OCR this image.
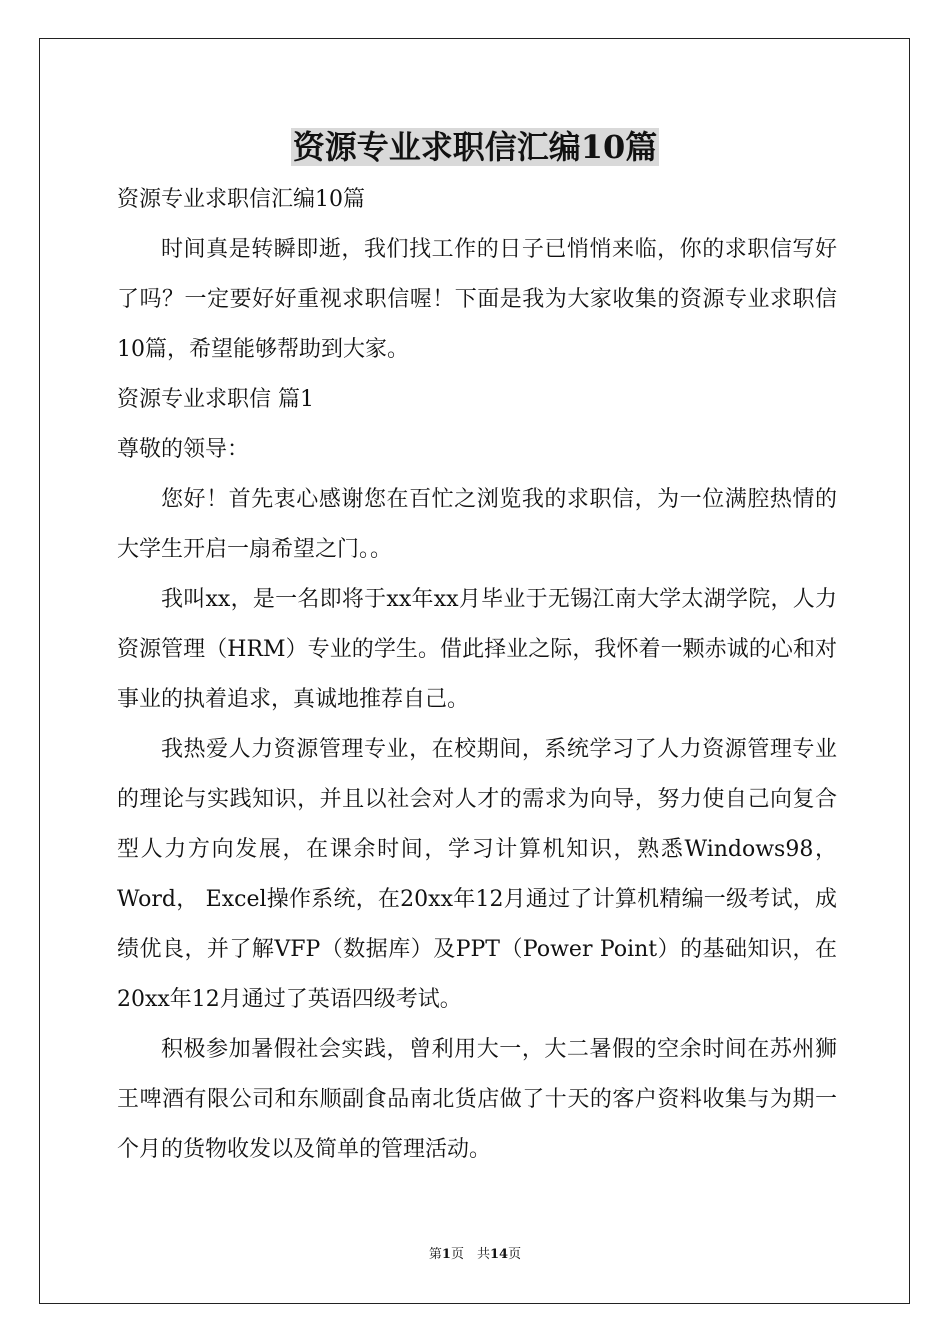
资源专业求职信汇编10篇

资源专业求职信汇编10篇

时间真是转瞬即逝，我们找工作的日子已悄悄来临，你的求职信写好了吗？一定要好好重视求职信喔！下面是我为大家收集的资源专业求职信10篇，希望能够帮助到大家。

资源专业求职信 篇1

尊敬的领导：

您好！首先衷心感谢您在百忙之浏览我的求职信，为一位满腔热情的大学生开启一扇希望之门。。

我叫xx，是一名即将于xx年xx月毕业于无锡江南大学太湖学院，人力资源管理（HRM）专业的学生。借此择业之际，我怀着一颗赤诚的心和对事业的执着追求，真诚地推荐自己。

我热爱人力资源管理专业，在校期间，系统学习了人力资源管理专业的理论与实践知识，并且以社会对人才的需求为向导，努力使自己向复合型人力方向发展，在课余时间，学习计算机知识，熟悉Windows98， Word， Excel操作系统，在20xx年12月通过了计算机精编一级考试，成绩优良，并了解VFP（数据库）及PPT（Power Point）的基础知识，在 20xx年12月通过了英语四级考试。

积极参加暑假社会实践，曾利用大一，大二暑假的空余时间在苏州狮王啤酒有限公司和东顺副食品南北货店做了十天的客户资料收集与为期一个月的货物收发以及简单的管理活动。

第1页　共14页
